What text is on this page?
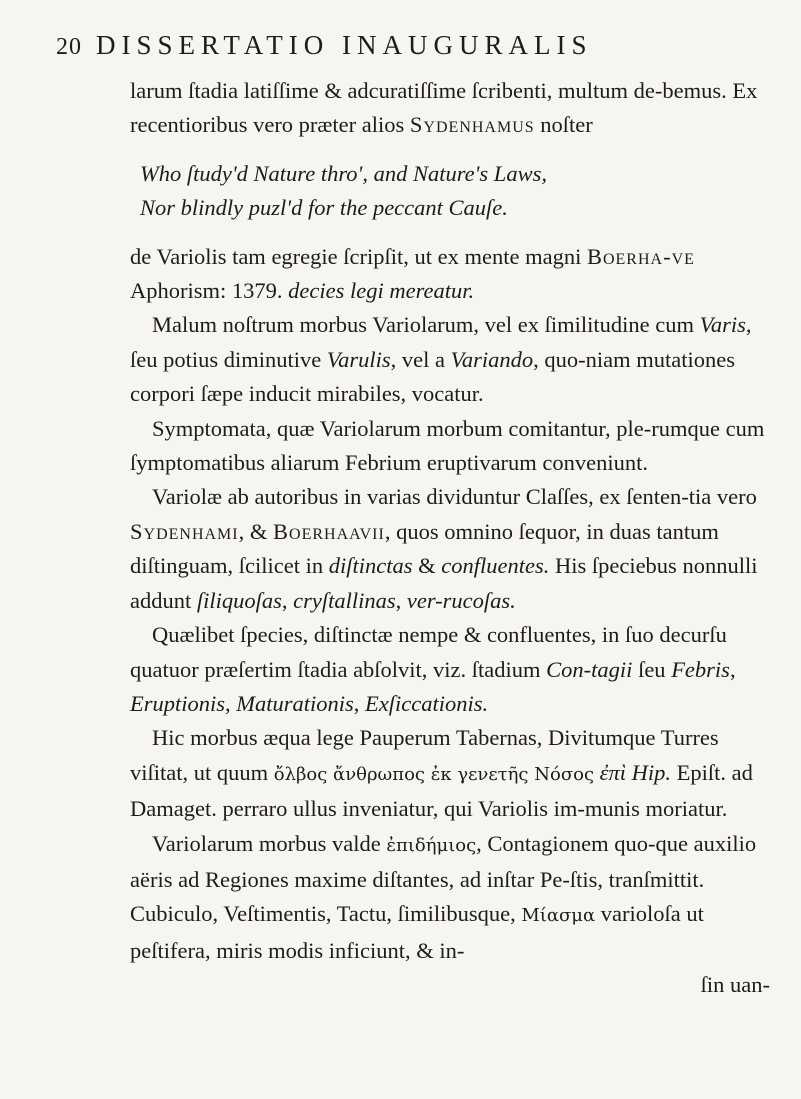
20 DISSERTATIO INAUGURALIS

larum ſtadia latiſſime & adcuratiſſime ſcribenti, multum de-bemus. Ex recentioribus vero præter alios Sydenhamus noſter

Who ſtudy'd Nature thro', and Nature's Laws,
Nor blindly puzl'd for the peccant Cauſe.

de Variolis tam egregie ſcripſit, ut ex mente magni Boerha-ve Aphorism: 1379. decies legi mereatur.

Malum noſtrum morbus Variolarum, vel ex ſimilitudine cum Varis, ſeu potius diminutive Varulis, vel a Variando, quo-niam mutationes corpori ſæpe inducit mirabiles, vocatur.

Symptomata, quæ Variolarum morbum comitantur, ple-rumque cum ſymptomatibus aliarum Febrium eruptivarum conveniunt.

Variolæ ab autoribus in varias dividuntur Claſſes, ex ſenten-tia vero Sydenhami, & Boerhaavii, quos omnino ſequor, in duas tantum diſtinguam, ſcilicet in diſtinctas & confluentes. His ſpeciebus nonnulli addunt ſiliquoſas, cryſtallinas, ver-rucoſas.

Quælibet ſpecies, diſtinctæ nempe & confluentes, in ſuo decurſu quatuor præſertim ſtadia abſolvit, viz. ſtadium Con-tagii ſeu Febris, Eruptionis, Maturationis, Exſiccationis.

Hic morbus æqua lege Pauperum Tabernas, Divitumque Turres viſitat, ut quum ὄλβος ἄνθρωπος ἐκ γενετῆς Νόσος ἐπὶ Hip. Epiſt. ad Damaget. perraro ullus inveniatur, qui Variolis im-munis moriatur.

Variolarum morbus valde ἐπιδήμιος, Contagionem quo-que auxilio aëris ad Regiones maxime diſtantes, ad inſtar Pe-ſtis, tranſmittit. Cubiculo, Veſtimentis, Tactu, ſimilibusque, Μίασμα varioloſa ut peſtifera, miris modis inficiunt, & in-

ſin uan-
